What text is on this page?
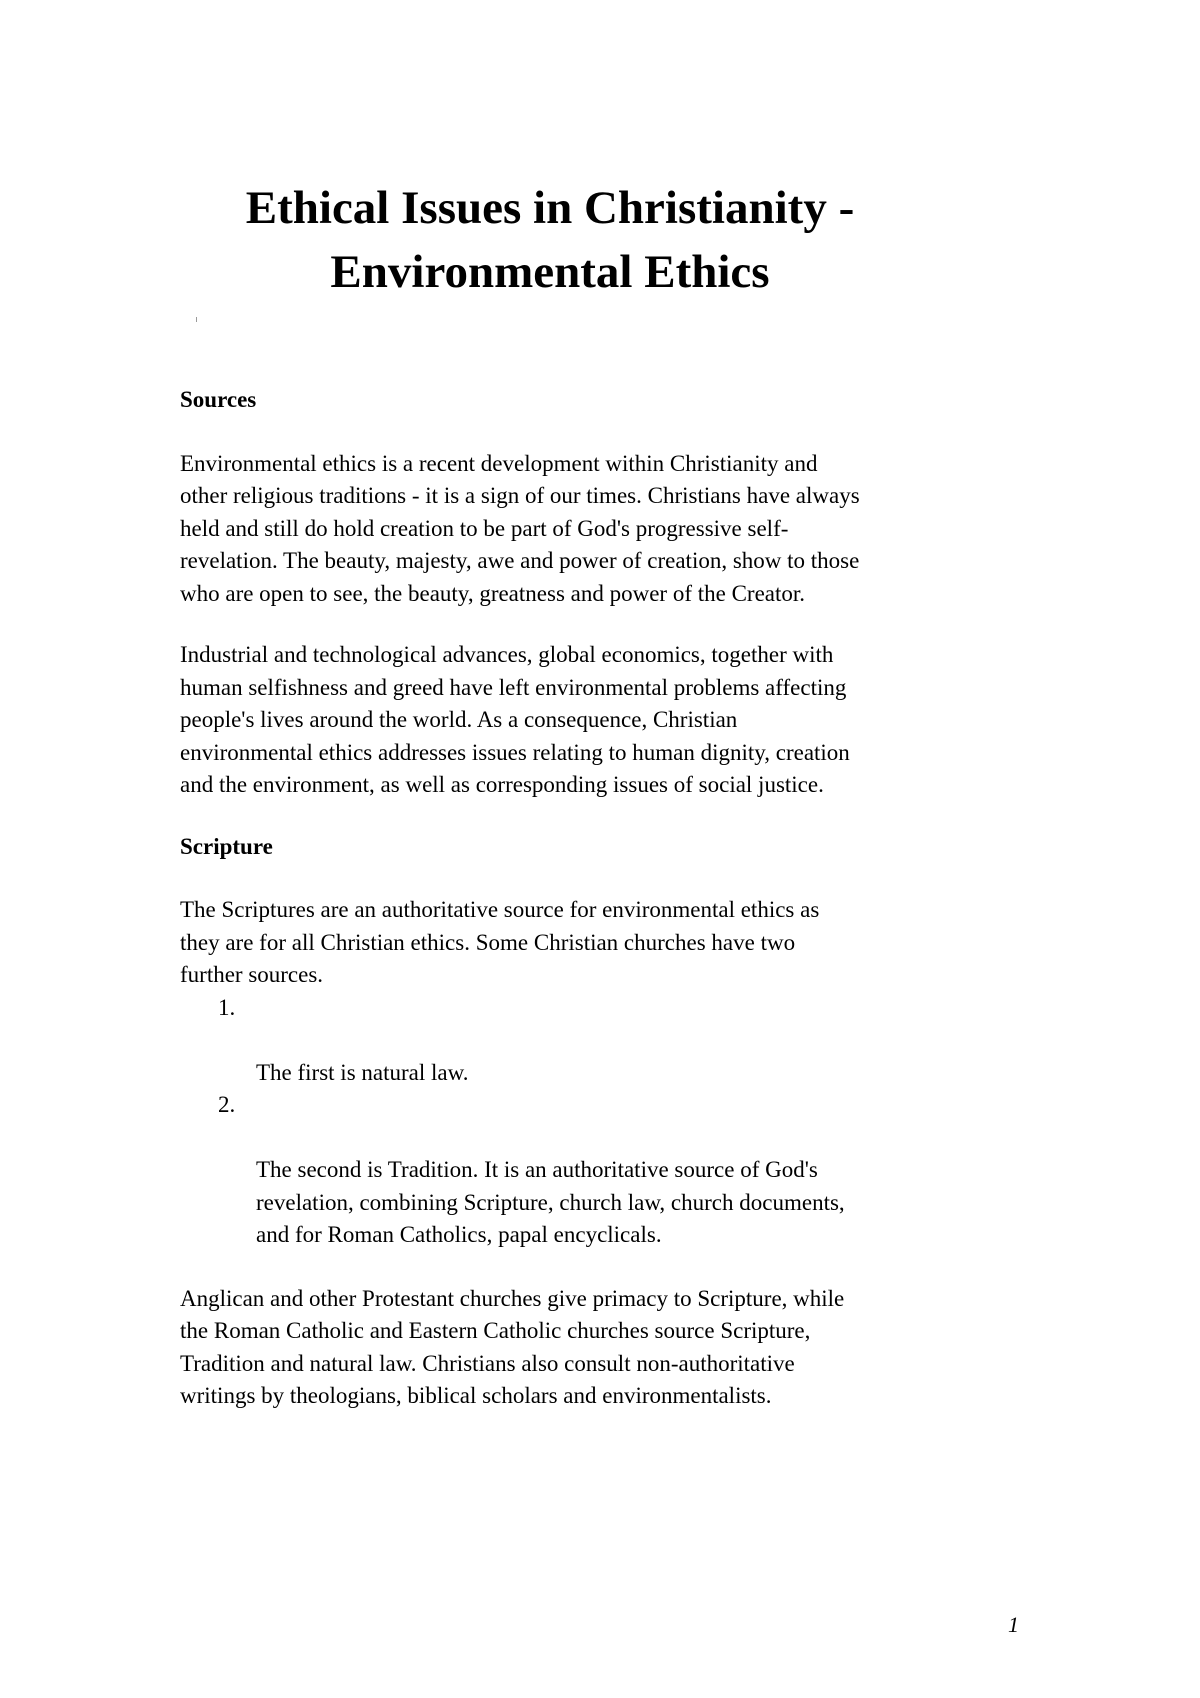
Ethical Issues in Christianity -
Environmental Ethics
Sources

Environmental ethics is a recent development within Christianity and
other religious traditions - it is a sign of our times. Christians have always
held and still do hold creation to be part of God's progressive self-
revelation. The beauty, majesty, awe and power of creation, show to those
who are open to see, the beauty, greatness and power of the Creator.

Industrial and technological advances, global economics, together with
human selfishness and greed have left environmental problems affecting
people's lives around the world. As a consequence, Christian
environmental ethics addresses issues relating to human dignity, creation
and the environment, as well as corresponding issues of social justice.

Scripture

The Scriptures are an authoritative source for environmental ethics as
they are for all Christian ethics. Some Christian churches have two
further sources.

1.

The first is natural law.

2.

The second is Tradition. It is an authoritative source of God's
revelation, combining Scripture, church law, church documents,
and for Roman Catholics, papal encyclicals.

Anglican and other Protestant churches give primacy to Scripture, while
the Roman Catholic and Eastern Catholic churches source Scripture,
Tradition and natural law. Christians also consult non-authoritative
writings by theologians, biblical scholars and environmentalists.

1
